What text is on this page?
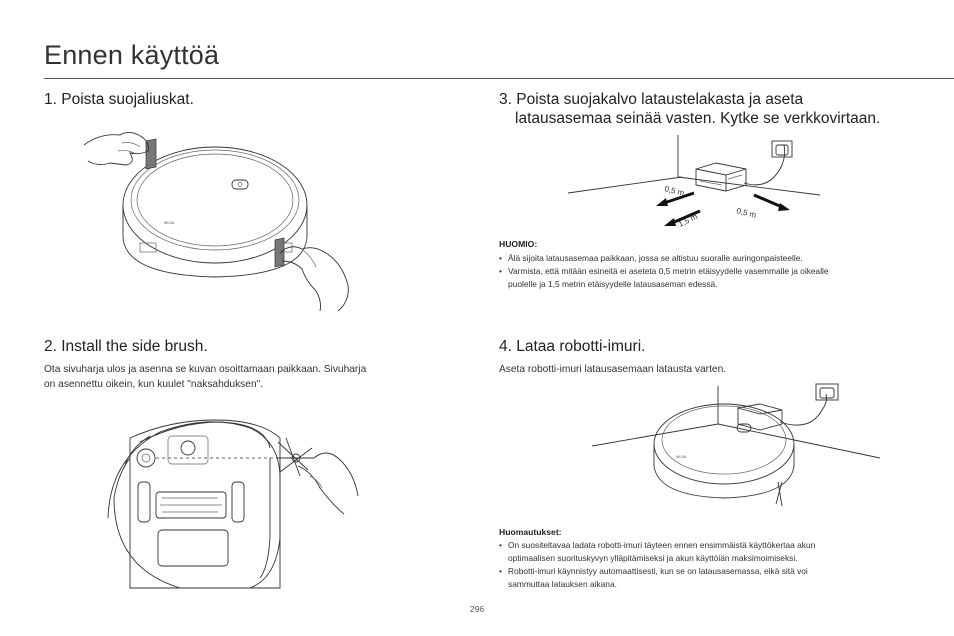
Ennen käyttöä
1. Poista suojaliuskat.
MIJIA
2. Install the side brush.
Ota sivuharja ulos ja asenna se kuvan osoittamaan paikkaan. Sivuharja
on asennettu oikein, kun kuulet "naksahduksen".
3. Poista suojakalvo lataustelakasta ja aseta
latausasemaa seinää vasten. Kytke se verkkovirtaan.
0,5 m
1,5 m	0,5 m
HUOMIO:
• Älä sijoita latausasemaa paikkaan, jossa se altistuu suoralle auringonpaisteelle.
• Varmista, että mitään esineitä ei aseteta 0,5 metrin etäisyydelle vasemmalle ja oikealle
puolelle ja 1,5 metrin etäisyydelle latausaseman edessä.
4. Lataa robotti-imuri.
Aseta robotti-imuri latausasemaan latausta varten.
MIJIA
Huomautukset:
• On suositeltavaa ladata robotti-imuri täyteen ennen ensimmäistä käyttökertaa akun
optimaalisen suorituskyvyn ylläpitämiseksi ja akun käyttöiän maksimoimiseksi.
• Robotti-imuri käynnistyy automaattisesti, kun se on latausasemassa, eikä sitä voi
sammuttaa latauksen aikana.
296
